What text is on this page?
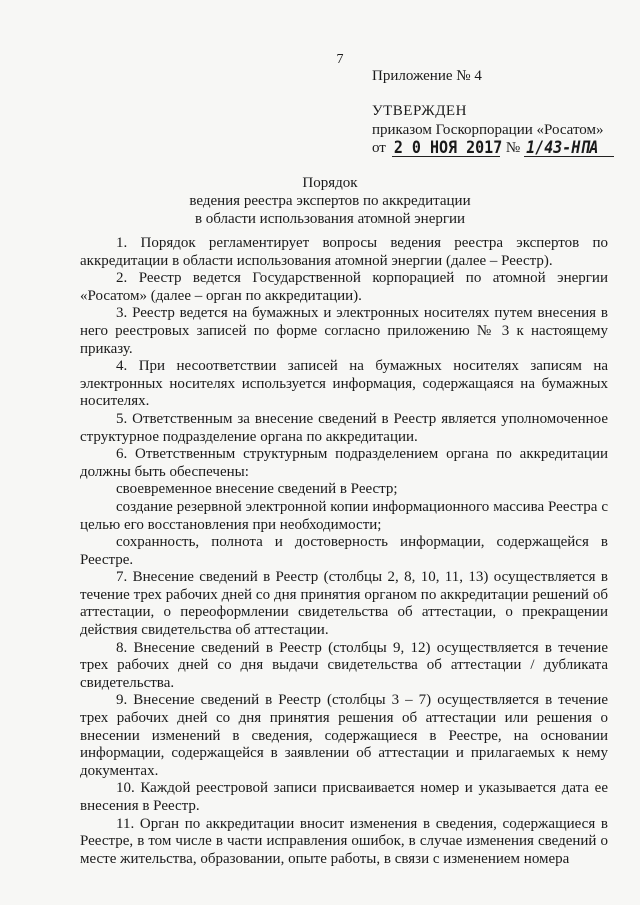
7
Приложение № 4
УТВЕРЖДЕН
приказом Госкорпорации «Росатом»
от 2 0 НОЯ 2017 № 1/43-НПА
Порядок
ведения реестра экспертов по аккредитации
в области использования атомной энергии

1. Порядок регламентирует вопросы ведения реестра экспертов по аккредитации в области использования атомной энергии (далее – Реестр).

2. Реестр ведется Государственной корпорацией по атомной энергии «Росатом» (далее – орган по аккредитации).

3. Реестр ведется на бумажных и электронных носителях путем внесения в него реестровых записей по форме согласно приложению № 3 к настоящему приказу.

4. При несоответствии записей на бумажных носителях записям на электронных носителях используется информация, содержащаяся на бумажных носителях.

5. Ответственным за внесение сведений в Реестр является уполномоченное структурное подразделение органа по аккредитации.

6. Ответственным структурным подразделением органа по аккредитации должны быть обеспечены:

своевременное внесение сведений в Реестр;

создание резервной электронной копии информационного массива Реестра с целью его восстановления при необходимости;

сохранность, полнота и достоверность информации, содержащейся в Реестре.

7. Внесение сведений в Реестр (столбцы 2, 8, 10, 11, 13) осуществляется в течение трех рабочих дней со дня принятия органом по аккредитации решений об аттестации, о переоформлении свидетельства об аттестации, о прекращении действия свидетельства об аттестации.

8. Внесение сведений в Реестр (столбцы 9, 12) осуществляется в течение трех рабочих дней со дня выдачи свидетельства об аттестации / дубликата свидетельства.

9. Внесение сведений в Реестр (столбцы 3 – 7) осуществляется в течение трех рабочих дней со дня принятия решения об аттестации или решения о внесении изменений в сведения, содержащиеся в Реестре, на основании информации, содержащейся в заявлении об аттестации и прилагаемых к нему документах.

10. Каждой реестровой записи присваивается номер и указывается дата ее внесения в Реестр.

11. Орган по аккредитации вносит изменения в сведения, содержащиеся в Реестре, в том числе в части исправления ошибок, в случае изменения сведений о месте жительства, образовании, опыте работы, в связи с изменением номера
